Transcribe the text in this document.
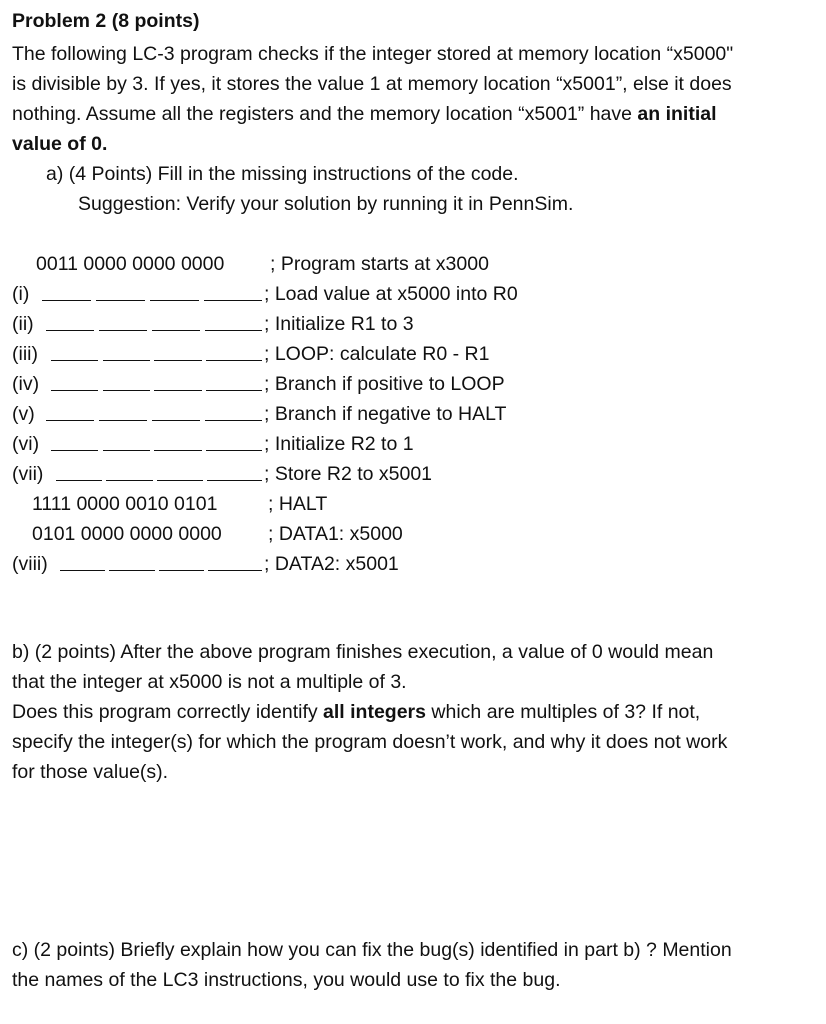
Problem 2 (8 points)
The following LC-3 program checks if the integer stored at memory location “x5000"
is divisible by 3. If yes, it stores the value 1 at memory location “x5001”, else it does
nothing. Assume all the registers and the memory location “x5001” have an initial
value of 0.
a) (4 Points) Fill in the missing instructions of the code.
Suggestion: Verify your solution by running it in PennSim.
0011 0000 0000 0000 ; Program starts at x3000
(i)	; Load value at x5000 into R0
(ii)	; Initialize R1 to 3
(iii)	; LOOP: calculate R0 - R1
(iv)	; Branch if positive to LOOP
(v)	; Branch if negative to HALT
(vi)	; Initialize R2 to 1
(vii)	; Store R2 to x5001
1111 0000 0010 0101	; HALT
0101 0000 0000 0000 ; DATA1: x5000
(viii)	; DATA2: x5001
b) (2 points) After the above program finishes execution, a value of 0 would mean
that the integer at x5000 is not a multiple of 3.
Does this program correctly identify all integers which are multiples of 3? If not,
specify the integer(s) for which the program doesn’t work, and why it does not work
for those value(s).
c) (2 points) Briefly explain how you can fix the bug(s) identified in part b) ? Mention
the names of the LC3 instructions, you would use to fix the bug.
